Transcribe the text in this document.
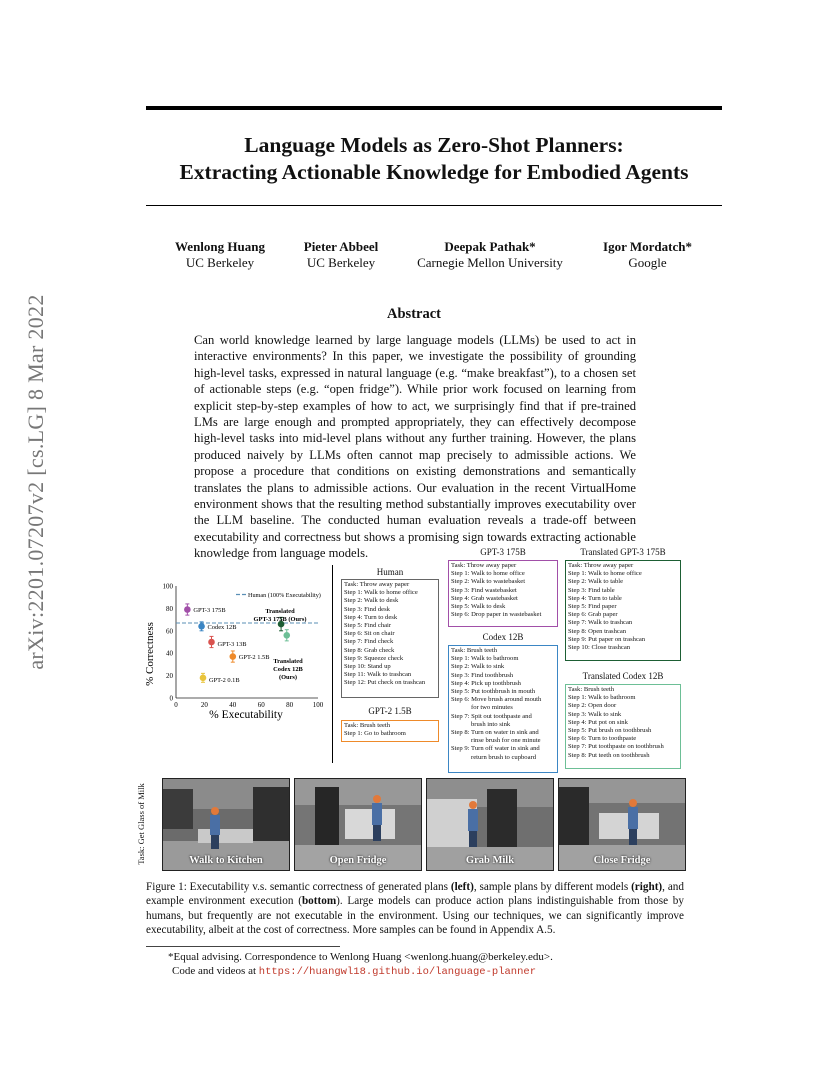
arXiv:2201.07207v2 [cs.LG] 8 Mar 2022
Language Models as Zero-Shot Planners:
Extracting Actionable Knowledge for Embodied Agents
Wenlong Huang
UC Berkeley
Pieter Abbeel
UC Berkeley
Deepak Pathak*
Carnegie Mellon University
Igor Mordatch*
Google
Abstract
Can world knowledge learned by large language models (LLMs) be used to act in interactive environments? In this paper, we investigate the possibility of grounding high-level tasks, expressed in natural language (e.g. “make breakfast”), to a chosen set of actionable steps (e.g. “open fridge”). While prior work focused on learning from explicit step-by-step examples of how to act, we surprisingly find that if pre-trained LMs are large enough and prompted appropriately, they can effectively decompose high-level tasks into mid-level plans without any further training. However, the plans produced naively by LLMs often cannot map precisely to admissible actions. We propose a procedure that conditions on existing demonstrations and semantically translates the plans to admissible actions. Our evaluation in the recent VirtualHome environment shows that the resulting method substantially improves executability over the LLM baseline. The conducted human evaluation reveals a trade-off between executability and correctness but shows a promising sign towards extracting actionable knowledge from language models.
% Correctness
% Executability
0	20	40	60	80	100
0
20
40
60
80
100
Human (100% Executability)
GPT-3 175B
Codex 12B
GPT-3 13B
GPT-2 1.5B
GPT-2 0.1B
Translated
GPT-3 175B (Ours)
Translated
Codex 12B
(Ours)
Human
Task: Throw away paper
Step 1: Walk to home office
Step 2: Walk to desk
Step 3: Find desk
Step 4: Turn to desk
Step 5: Find chair
Step 6: Sit on chair
Step 7: Find check
Step 8: Grab check
Step 9: Squeeze check
Step 10: Stand up
Step 11: Walk to trashcan
Step 12: Put check on trashcan
GPT-2 1.5B
Task: Brush teeth
Step 1: Go to bathroom
GPT-3 175B
Task: Throw away paper
Step 1: Walk to home office
Step 2: Walk to wastebasket
Step 3: Find wastebasket
Step 4: Grab wastebasket
Step 5: Walk to desk
Step 6: Drop paper in wastebasket
Codex 12B
Task: Brush teeth
Step 1: Walk to bathroom
Step 2: Walk to sink
Step 3: Find toothbrush
Step 4: Pick up toothbrush
Step 5: Put toothbrush in mouth
Step 6: Move brush around mouth
for two minutes
Step 7: Spit out toothpaste and
brush into sink
Step 8: Turn on water in sink and
rinse brush for one minute
Step 9: Turn off water in sink and
return brush to cupboard
Translated GPT-3 175B
Task: Throw away paper
Step 1: Walk to home office
Step 2: Walk to table
Step 3: Find table
Step 4: Turn to table
Step 5: Find paper
Step 6: Grab paper
Step 7: Walk to trashcan
Step 8: Open trashcan
Step 9: Put paper on trashcan
Step 10: Close trashcan
Translated Codex 12B
Task: Brush teeth
Step 1: Walk to bathroom
Step 2: Open door
Step 3: Walk to sink
Step 4: Put pot on sink
Step 5: Put brush on toothbrush
Step 6: Turn to toothpaste
Step 7: Put toothpaste on toothbrush
Step 8: Put teeth on toothbrush
Task: Get Glass of Milk	Walk to Kitchen	Open Fridge	Grab Milk	Close Fridge
Figure 1: Executability v.s. semantic correctness of generated plans (left), sample plans by different models (right), and example environment execution (bottom). Large models can produce action plans indistinguishable from those by humans, but frequently are not executable in the environment. Using our techniques, we can significantly improve executability, albeit at the cost of correctness. More samples can be found in Appendix A.5.
*Equal advising. Correspondence to Wenlong Huang <wenlong.huang@berkeley.edu>.
Code and videos at https://huangwl18.github.io/language-planner
